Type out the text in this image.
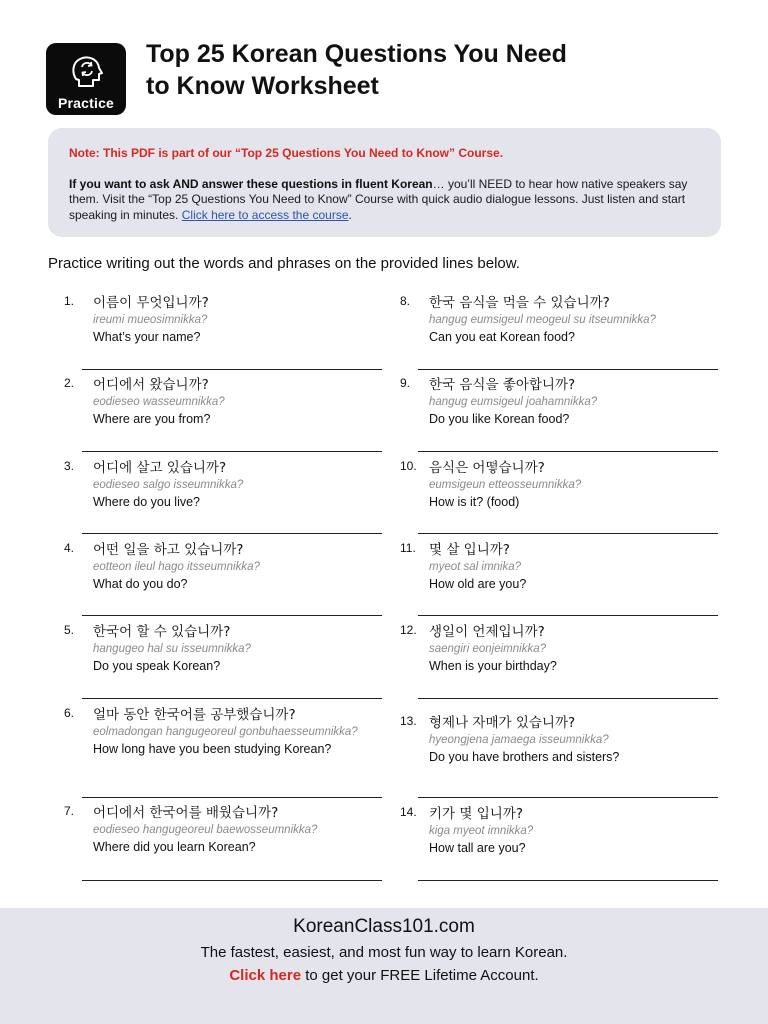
Practice
Top 25 Korean Questions You Need
to Know Worksheet

Note: This PDF is part of our “Top 25 Questions You Need to Know” Course.

If you want to ask AND answer these questions in fluent Korean… you’ll NEED to hear how native speakers say them. Visit the “Top 25 Questions You Need to Know” Course with quick audio dialogue lessons. Just listen and start speaking in minutes. Click here to access the course.

Practice writing out the words and phrases on the provided lines below.

1. 이름이 무엇입니까?
ireumi mueosimnikka?
What’s your name?
2. 어디에서 왔습니까?
eodieseo wasseumnikka?
Where are you from?
3. 어디에 살고 있습니까?
eodieseo salgo isseumnikka?
Where do you live?
4. 어떤 일을 하고 있습니까?
eotteon ileul hago itsseumnikka?
What do you do?
5. 한국어 할 수 있습니까?
hangugeo hal su isseumnikka?
Do you speak Korean?
6. 얼마 동안 한국어를 공부했습니까?
eolmadongan hangugeoreul gonbuhaesseumnikka?
How long have you been studying Korean?
7. 어디에서 한국어를 배웠습니까?
eodieseo hangugeoreul baewosseumnikka?
Where did you learn Korean?
8. 한국 음식을 먹을 수 있습니까?
hangug eumsigeul meogeul su itseumnikka?
Can you eat Korean food?
9. 한국 음식을 좋아합니까?
hangug eumsigeul joahamnikka?
Do you like Korean food?
10. 음식은 어떻습니까?
eumsigeun etteosseumnikka?
How is it? (food)
11. 몇 살 입니까?
myeot sal imnika?
How old are you?
12. 생일이 언제입니까?
saengiri eonjeimnikka?
When is your birthday?
13. 형제나 자매가 있습니까?
hyeongjena jamaega isseumnikka?
Do you have brothers and sisters?
14. 키가 몇 입니까?
kiga myeot imnikka?
How tall are you?
KoreanClass101.com
The fastest, easiest, and most fun way to learn Korean.
Click here to get your FREE Lifetime Account.
